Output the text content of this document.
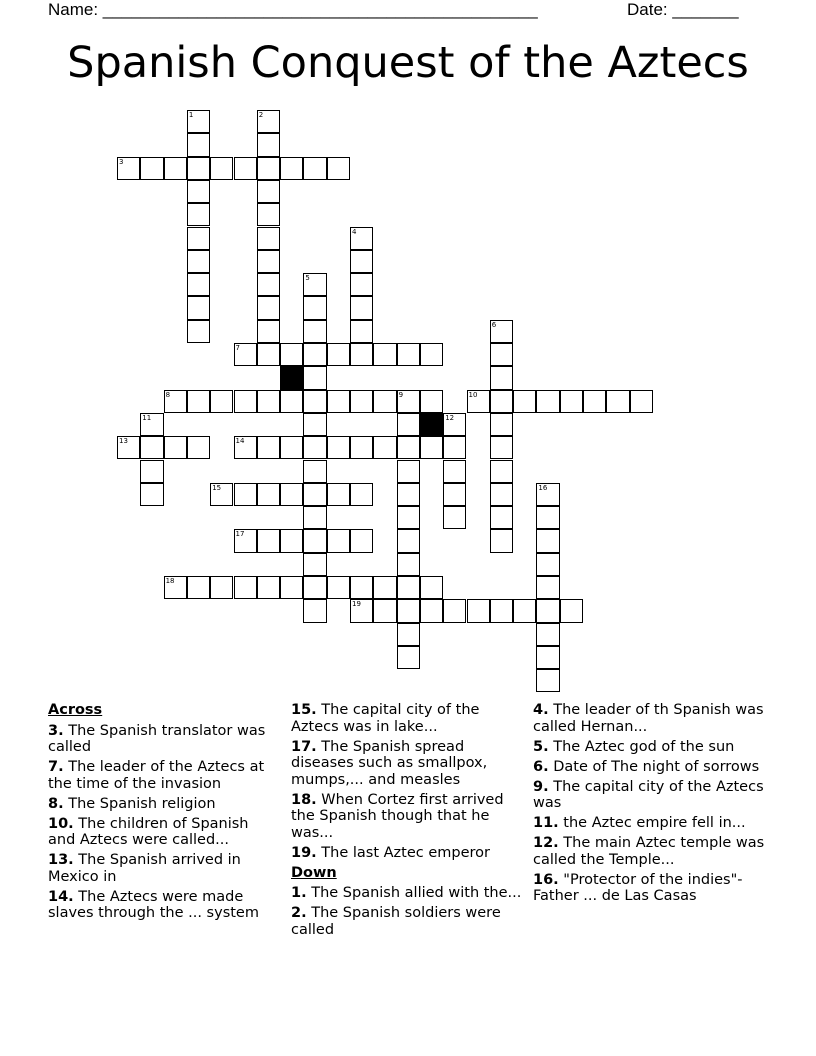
Name: ______________________________________________	Date: _______
Spanish Conquest of the Aztecs
3
7
8	9	10
13	14
15
17
18
19
1	2
4
5
6
11	12
16
Across
3. The Spanish translator was called
7. The leader of the Aztecs at the time of the invasion
8. The Spanish religion
10. The children of Spanish and Aztecs were called...
13. The Spanish arrived in Mexico in
14. The Aztecs were made slaves through the ... system
15. The capital city of the Aztecs was in lake...
17. The Spanish spread diseases such as smallpox, mumps,... and measles
18. When Cortez first arrived the Spanish though that he was...
19. The last Aztec emperor
Down
1. The Spanish allied with the...
2. The Spanish soldiers were called
4. The leader of th Spanish was called Hernan...
5. The Aztec god of the sun
6. Date of The night of sorrows
9. The capital city of the Aztecs was
11. the Aztec empire fell in...
12. The main Aztec temple was called the Temple...
16. "Protector of the indies"- Father ... de Las Casas
